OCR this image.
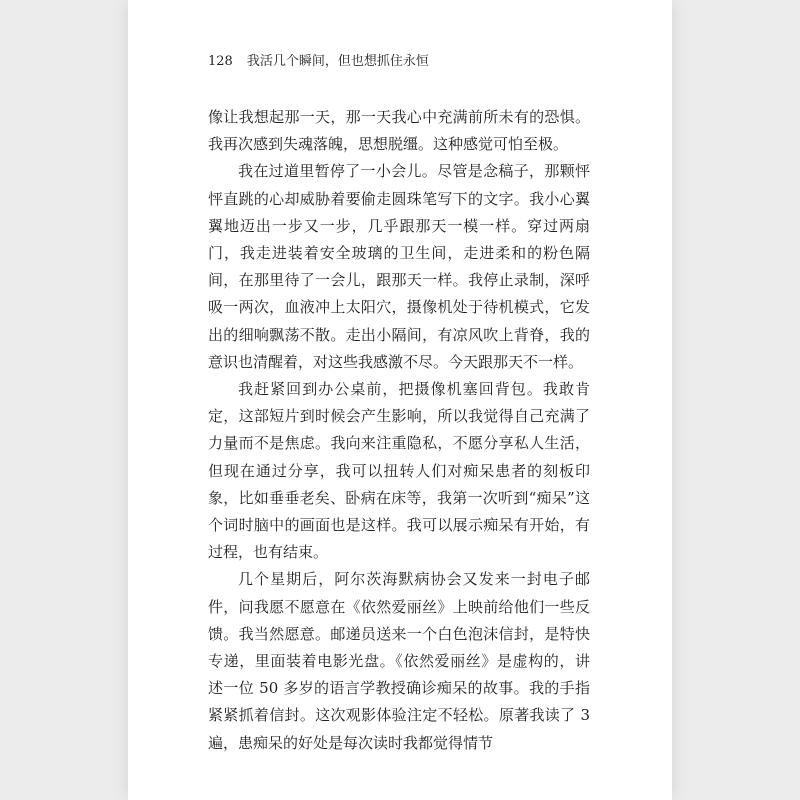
128 我活几个瞬间，但也想抓住永恒

像让我想起那一天，那一天我心中充满前所未有的恐惧。我再次感到失魂落魄，思想脱缰。这种感觉可怕至极。

我在过道里暂停了一小会儿。尽管是念稿子，那颗怦怦直跳的心却威胁着要偷走圆珠笔写下的文字。我小心翼翼地迈出一步又一步，几乎跟那天一模一样。穿过两扇门，我走进装着安全玻璃的卫生间，走进柔和的粉色隔间，在那里待了一会儿，跟那天一样。我停止录制，深呼吸一两次，血液冲上太阳穴，摄像机处于待机模式，它发出的细响飘荡不散。走出小隔间，有凉风吹上背脊，我的意识也清醒着，对这些我感激不尽。今天跟那天不一样。

我赶紧回到办公桌前，把摄像机塞回背包。我敢肯定，这部短片到时候会产生影响，所以我觉得自己充满了力量而不是焦虑。我向来注重隐私，不愿分享私人生活，但现在通过分享，我可以扭转人们对痴呆患者的刻板印象，比如垂垂老矣、卧病在床等，我第一次听到“痴呆”这个词时脑中的画面也是这样。我可以展示痴呆有开始，有过程，也有结束。

几个星期后，阿尔茨海默病协会又发来一封电子邮件，问我愿不愿意在《依然爱丽丝》上映前给他们一些反馈。我当然愿意。邮递员送来一个白色泡沫信封，是特快专递，里面装着电影光盘。《依然爱丽丝》是虚构的，讲述一位 50 多岁的语言学教授确诊痴呆的故事。我的手指紧紧抓着信封。这次观影体验注定不轻松。原著我读了 3 遍，患痴呆的好处是每次读时我都觉得情节
